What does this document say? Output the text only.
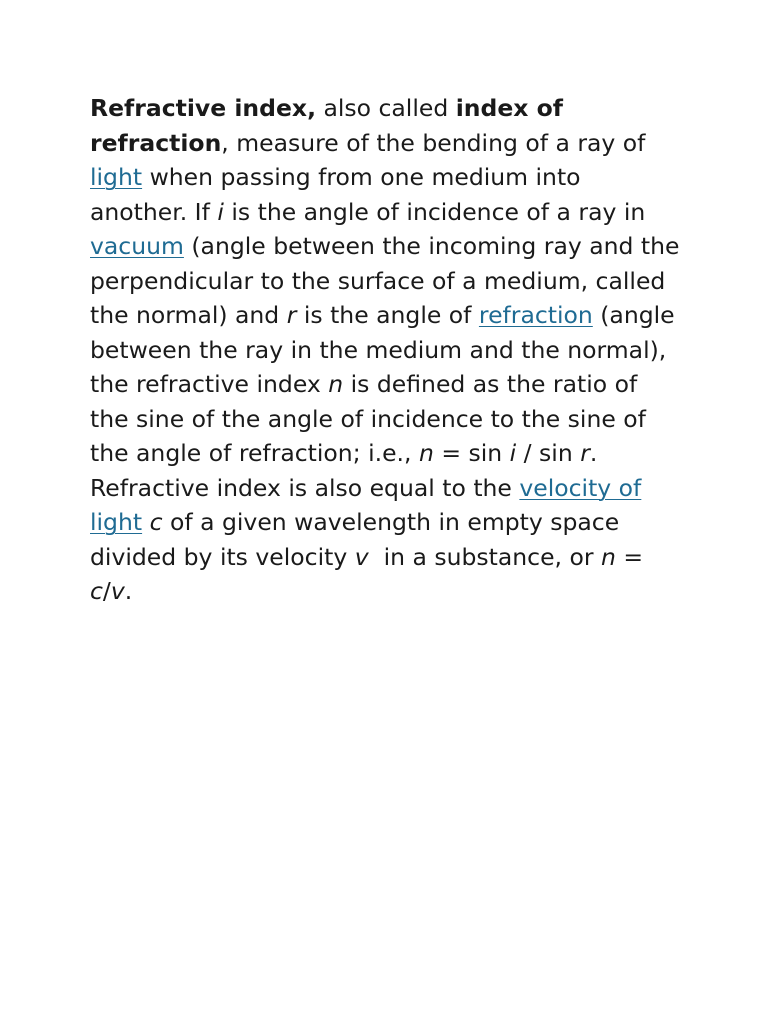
Refractive index, also called index of refraction, measure of the bending of a ray of light when passing from one medium into another. If i is the angle of incidence of a ray in vacuum (angle between the incoming ray and the perpendicular to the surface of a medium, called the normal) and r is the angle of refraction (angle between the ray in the medium and the normal), the refractive index n is defined as the ratio of the sine of the angle of incidence to the sine of the angle of refraction; i.e., n = sin i / sin r. Refractive index is also equal to the velocity of light c of a given wavelength in empty space divided by its velocity v  in a substance, or n = c/v.
